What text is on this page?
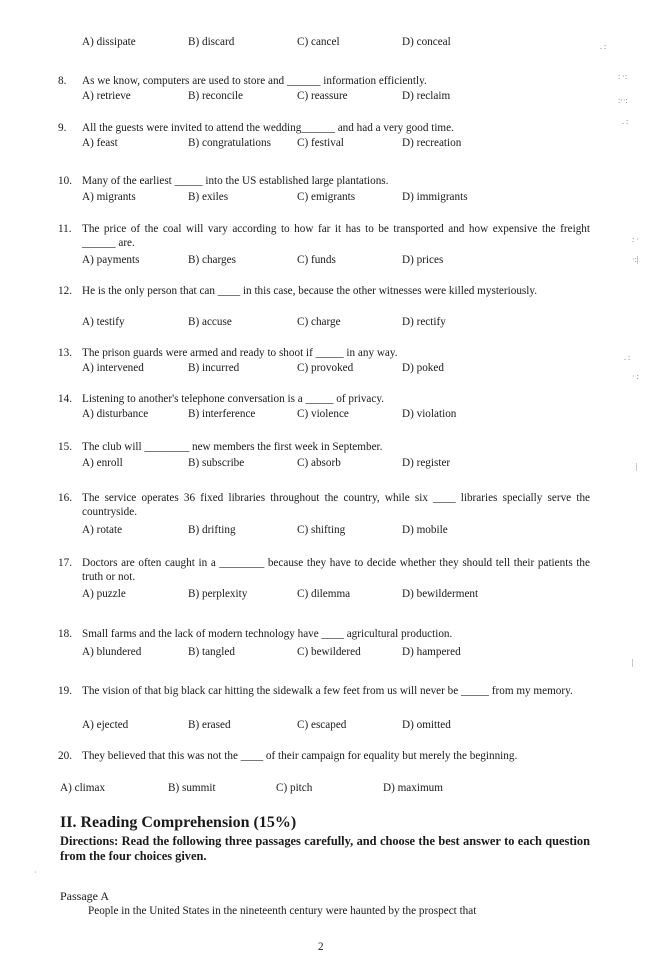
A) dissipate	B) discard	C) cancel	D) conceal
8. As we know, computers are used to store and ______ information efficiently.
A) retrieve	B) reconcile	C) reassure	D) reclaim
9. All the guests were invited to attend the wedding______ and had a very good time.
A) feast	B) congratulations C) festival	D) recreation
10. Many of the earliest _____ into the US established large plantations.
A) migrants	B) exiles	C) emigrants	D) immigrants
11. The price of the coal will vary according to how far it has to be transported and how expensive the freight ______ are.
A) payments	B) charges	C) funds	D) prices
12. He is the only person that can ____ in this case, because the other witnesses were killed mysteriously.
A) testify	B) accuse	C) charge	D) rectify
13. The prison guards were armed and ready to shoot if _____ in any way.
A) intervened	B) incurred	C) provoked	D) poked
14. Listening to another's telephone conversation is a _____ of privacy.
A) disturbance	B) interference	C) violence	D) violation
15. The club will ________ new members the first week in September.
A) enroll	B) subscribe	C) absorb	D) register
16. The service operates 36 fixed libraries throughout the country, while six ____ libraries specially serve the countryside.
A) rotate	B) drifting	C) shifting	D) mobile
17. Doctors are often caught in a ________ because they have to decide whether they should tell their patients the truth or not.
A) puzzle	B) perplexity	C) dilemma	D) bewilderment
18. Small farms and the lack of modern technology have ____ agricultural production.
A) blundered	B) tangled	C) bewildered	D) hampered
19. The vision of that big black car hitting the sidewalk a few feet from us will never be _____ from my memory.
A) ejected	B) erased	C) escaped	D) omitted
20. They believed that this was not the ____ of their campaign for equality but merely the beginning.
A) climax	B) summit	C) pitch	D) maximum
II. Reading Comprehension (15%)
Directions: Read the following three passages carefully, and choose the best answer to each question from the four choices given.
Passage A
People in the United States in the nineteenth century were haunted by the prospect that
2
. :
: ·:
:··:
. :
: ·
·:|
. :
· :
|
|
·
